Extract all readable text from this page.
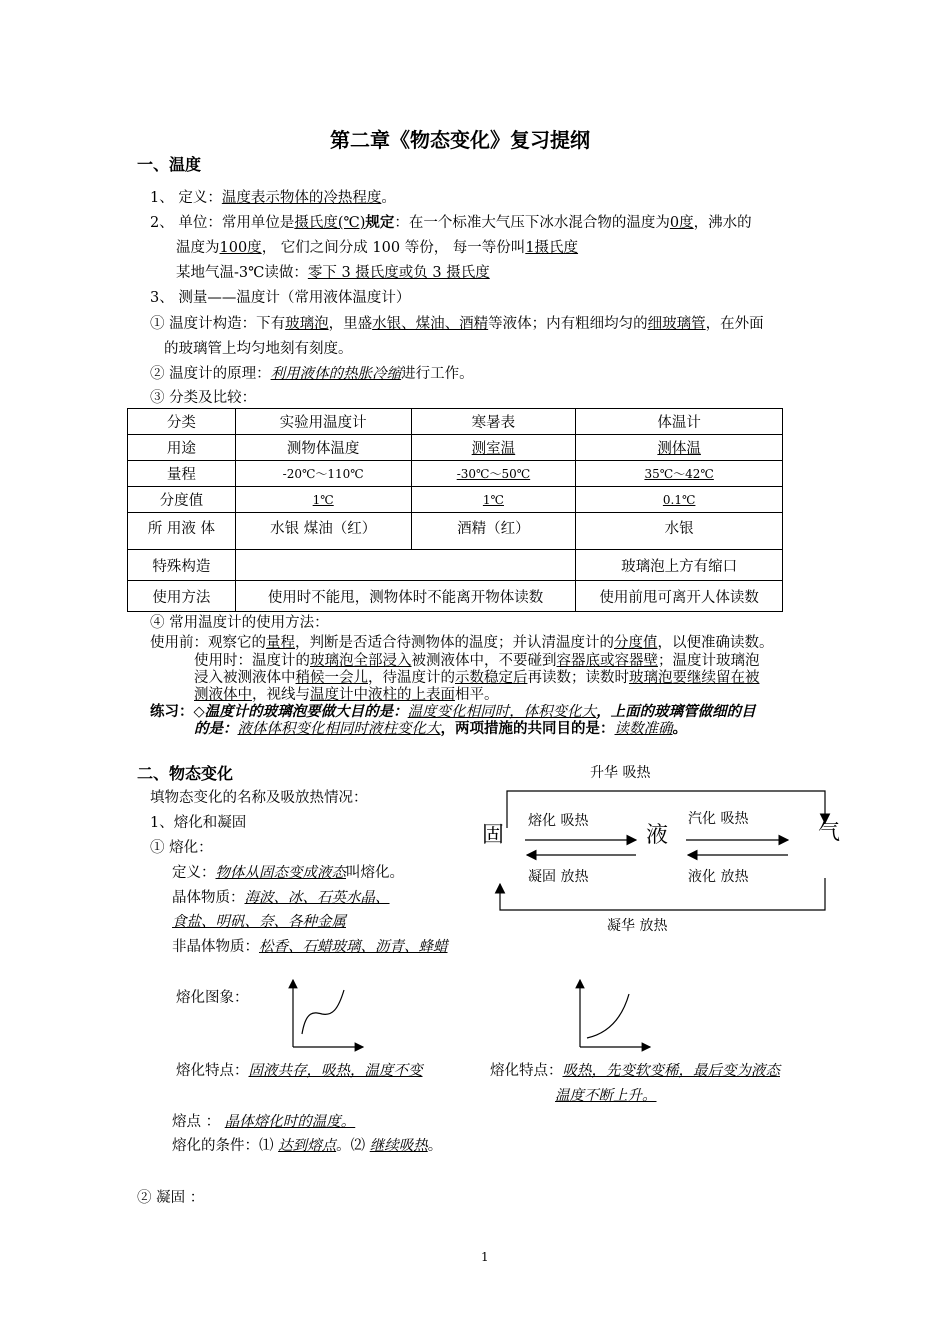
第二章《物态变化》复习提纲
一、温度
1、 定义：温度表示物体的冷热程度。
2、 单位：常用单位是摄氏度(℃)规定：在一个标准大气压下冰水混合物的温度为0度，沸水的
温度为100度， 它们之间分成 100 等份， 每一等份叫1摄氏度
某地气温-3℃读做：零下 3 摄氏度或负 3 摄氏度
3、 测量——温度计（常用液体温度计）
① 温度计构造：下有玻璃泡，里盛水银、煤油、酒精等液体；内有粗细均匀的细玻璃管，在外面
的玻璃管上均匀地刻有刻度。
② 温度计的原理：利用液体的热胀冷缩进行工作。
③ 分类及比较：
分类	实验用温度计	寒暑表	体温计
用途	测物体温度	测室温	测体温
量程	-20℃～110℃	-30℃～50℃	35℃～42℃
分度值	1℃	1℃	0.1℃
所 用液 体	水银 煤油（红）	酒精（红）	水银
特殊构造			玻璃泡上方有缩口
使用方法	使用时不能甩，测物体时不能离开物体读数		使用前甩可离开人体读数
④ 常用温度计的使用方法：
使用前：观察它的量程，判断是否适合待测物体的温度；并认清温度计的分度值，以便准确读数。
使用时：温度计的玻璃泡全部浸入被测液体中，不要碰到容器底或容器壁；温度计玻璃泡
浸入被测液体中稍候一会儿，待温度计的示数稳定后再读数；读数时玻璃泡要继续留在被
测液体中，视线与温度计中液柱的上表面相平。
练习：◇温度计的玻璃泡要做大目的是：温度变化相同时，体积变化大，上面的玻璃管做细的目
的是：液体体积变化相同时液柱变化大，两项措施的共同目的是：读数准确。
二、物态变化
填物态变化的名称及吸放热情况：
1、熔化和凝固
① 熔化：
定义：物体从固态变成液态叫熔化。
晶体物质：海波、冰、石英水晶、
食盐、明矾、奈、各种金属
非晶体物质：松香、石蜡玻璃、沥青、蜂蜡
固	液	气
升华 吸热
熔化 吸热
凝固 放热
汽化 吸热
液化 放热
凝华 放热
熔化图象：
熔化特点：固液共存，吸热，温度不变	熔化特点：吸热，先变软变稀，最后变为液态
温度不断上升。
熔点 ： 晶体熔化时的温度。
熔化的条件：⑴ 达到熔点。⑵ 继续吸热。
② 凝固 ：
1
